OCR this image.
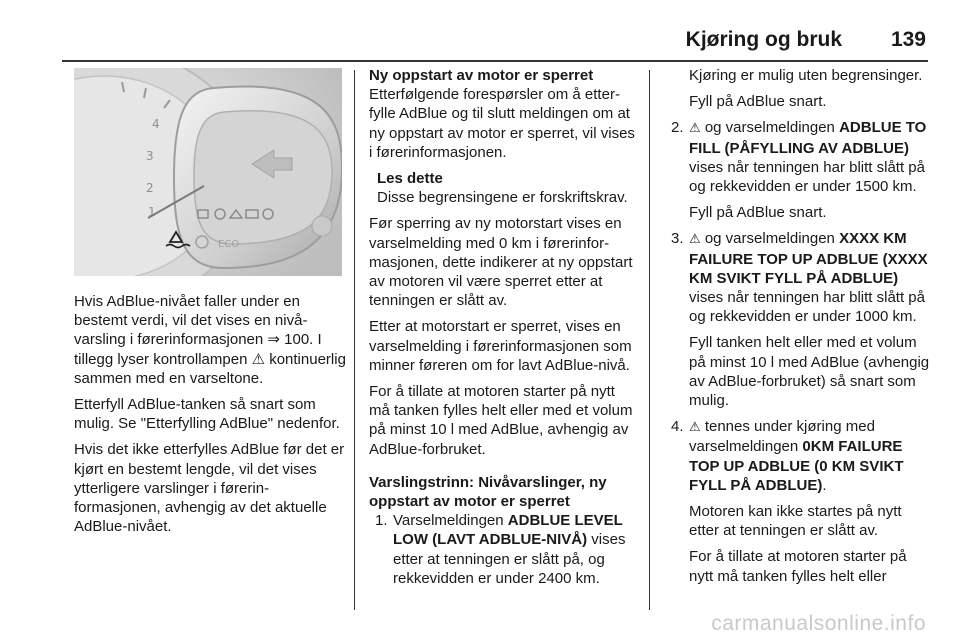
Kjøring og bruk 139
4
3
2
1
ECO

Hvis AdBlue-nivået faller under en bestemt verdi, vil det vises en nivåvarsling i førerinformasjonen ⇒ 100. I tillegg lyser kontrollampen ⚠ kontinuerlig sammen med en varseltone.

Etterfyll AdBlue-tanken så snart som mulig. Se "Etterfylling AdBlue" nedenfor.

Hvis det ikke etterfylles AdBlue før det er kjørt en bestemt lengde, vil det vises ytterligere varslinger i førerinformasjonen, avhengig av det aktuelle AdBlue-nivået.

Ny oppstart av motor er sperret

Etterfølgende forespørsler om å etterfylle AdBlue og til slutt meldingen om at ny oppstart av motor er sperret, vil vises i førerinformasjonen.

Les dette

Disse begrensingene er forskriftskrav.

Før sperring av ny motorstart vises en varselmelding med 0 km i førerinformasjonen, dette indikerer at ny oppstart av motoren vil være sperret etter at tenningen er slått av.

Etter at motorstart er sperret, vises en varselmelding i førerinformasjonen som minner føreren om for lavt AdBlue-nivå.

For å tillate at motoren starter på nytt må tanken fylles helt eller med et volum på minst 10 l med AdBlue, avhengig av AdBlue-forbruket.

Varslingstrinn: Nivåvarslinger, ny oppstart av motor er sperret

1. Varselmeldingen ADBLUE LEVEL LOW (LAVT ADBLUE-NIVÅ) vises etter at tenningen er slått på, og rekkevidden er under 2400 km.

Kjøring er mulig uten begrensinger.

Fyll på AdBlue snart.

2. ⚠ og varselmeldingen ADBLUE TO FILL (PÅFYLLING AV ADBLUE) vises når tenningen har blitt slått på og rekkevidden er under 1500 km.

Fyll på AdBlue snart.

3. ⚠ og varselmeldingen XXXX KM FAILURE TOP UP ADBLUE (XXXX KM SVIKT FYLL PÅ ADBLUE) vises når tenningen har blitt slått på og rekkevidden er under 1000 km.

Fyll tanken helt eller med et volum på minst 10 l med AdBlue (avhengig av AdBlue-forbruket) så snart som mulig.

4. ⚠ tennes under kjøring med varselmeldingen 0KM FAILURE TOP UP ADBLUE (0 KM SVIKT FYLL PÅ ADBLUE).

Motoren kan ikke startes på nytt etter at tenningen er slått av.

For å tillate at motoren starter på nytt må tanken fylles helt eller

carmanualsonline.info
